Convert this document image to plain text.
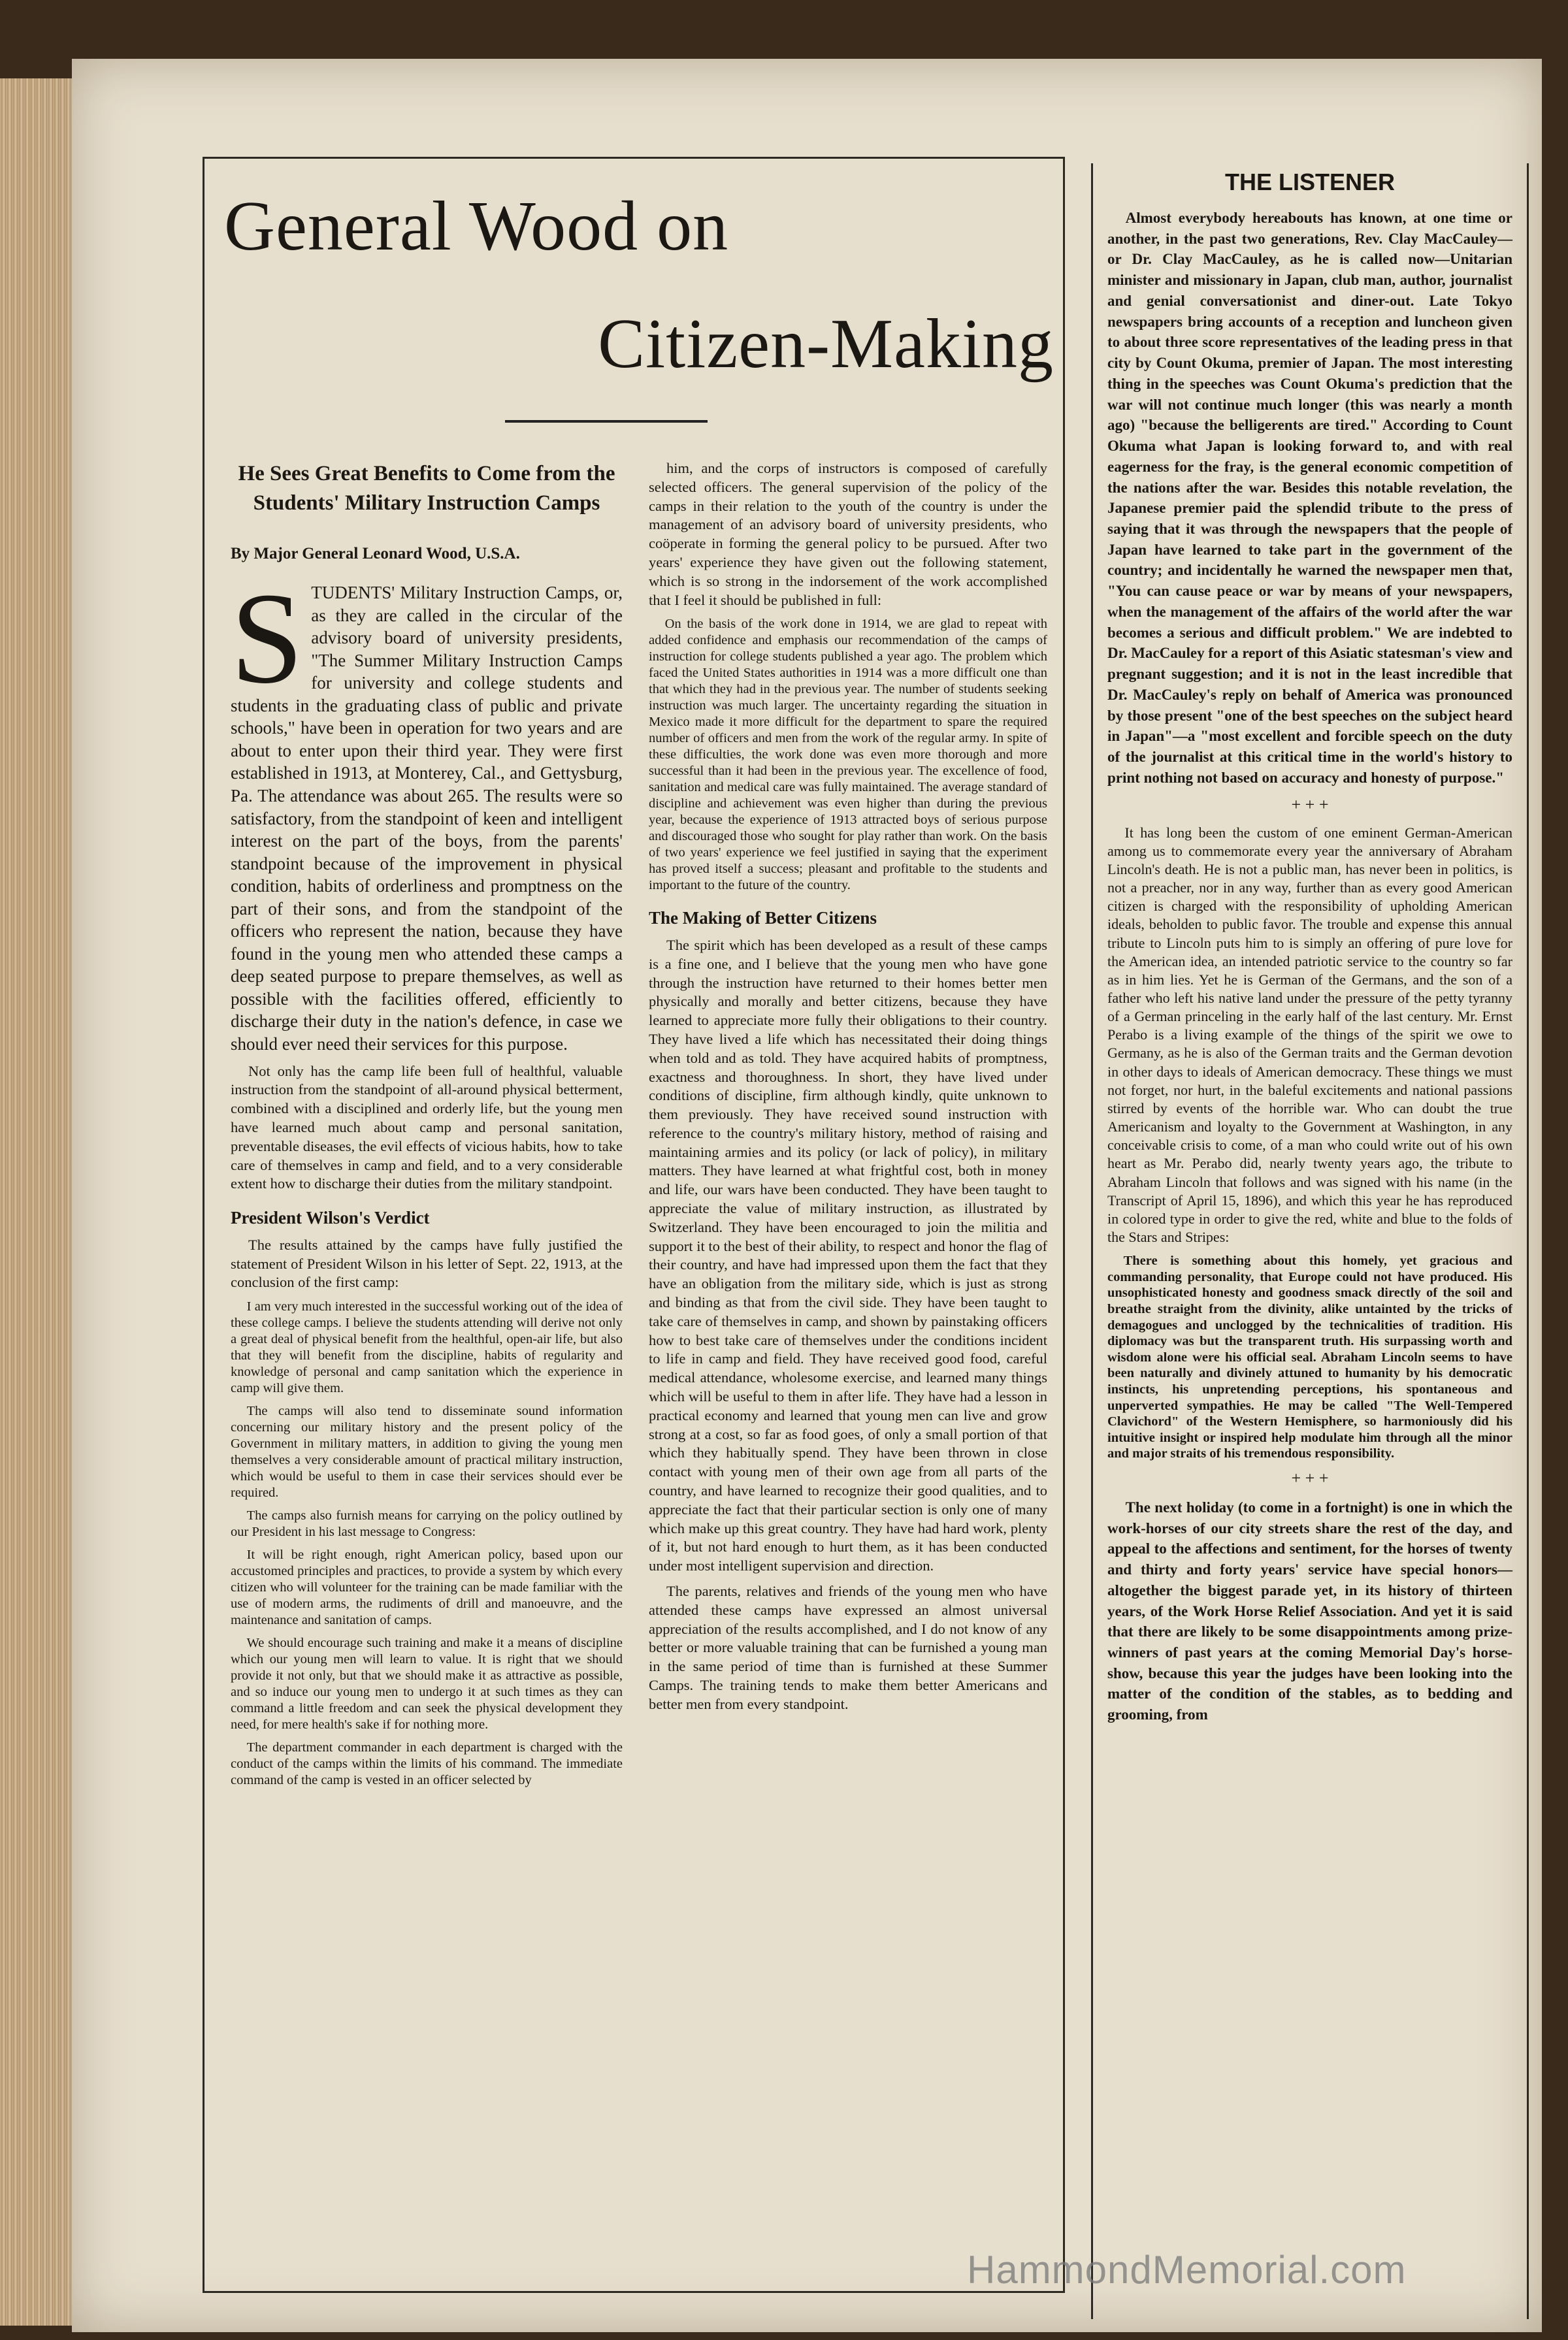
General Wood on
Citizen-Making
He Sees Great Benefits to Come from the Students' Military Instruction Camps
By Major General Leonard Wood, U.S.A.
S TUDENTS' Military Instruction Camps, or, as they are called in the circular of the advisory board of university presidents, "The Summer Military Instruction Camps for university and college students and students in the graduating class of public and private schools," have been in operation for two years and are about to enter upon their third year. They were first established in 1913, at Monterey, Cal., and Gettysburg, Pa. The attendance was about 265. The results were so satisfactory, from the standpoint of keen and intelligent interest on the part of the boys, from the parents' standpoint because of the improvement in physical condition, habits of orderliness and promptness on the part of their sons, and from the standpoint of the officers who represent the nation, because they have found in the young men who attended these camps a deep seated purpose to prepare themselves, as well as possible with the facilities offered, efficiently to discharge their duty in the nation's defence, in case we should ever need their services for this purpose.

Not only has the camp life been full of healthful, valuable instruction from the standpoint of all-around physical betterment, combined with a disciplined and orderly life, but the young men have learned much about camp and personal sanitation, preventable diseases, the evil effects of vicious habits, how to take care of themselves in camp and field, and to a very considerable extent how to discharge their duties from the military standpoint.

President Wilson's Verdict

The results attained by the camps have fully justified the statement of President Wilson in his letter of Sept. 22, 1913, at the conclusion of the first camp:

I am very much interested in the successful working out of the idea of these college camps. I believe the students attending will derive not only a great deal of physical benefit from the healthful, open-air life, but also that they will benefit from the discipline, habits of regularity and knowledge of personal and camp sanitation which the experience in camp will give them.

The camps will also tend to disseminate sound information concerning our military history and the present policy of the Government in military matters, in addition to giving the young men themselves a very considerable amount of practical military instruction, which would be useful to them in case their services should ever be required.

The camps also furnish means for carrying on the policy outlined by our President in his last message to Congress:

It will be right enough, right American policy, based upon our accustomed principles and practices, to provide a system by which every citizen who will volunteer for the training can be made familiar with the use of modern arms, the rudiments of drill and manoeuvre, and the maintenance and sanitation of camps.

We should encourage such training and make it a means of discipline which our young men will learn to value. It is right that we should provide it not only, but that we should make it as attractive as possible, and so induce our young men to undergo it at such times as they can command a little freedom and can seek the physical development they need, for mere health's sake if for nothing more.

The department commander in each department is charged with the conduct of the camps within the limits of his command. The immediate command of the camp is vested in an officer selected by

him, and the corps of instructors is composed of carefully selected officers. The general supervision of the policy of the camps in their relation to the youth of the country is under the management of an advisory board of university presidents, who coöperate in forming the general policy to be pursued. After two years' experience they have given out the following statement, which is so strong in the indorsement of the work accomplished that I feel it should be published in full:

On the basis of the work done in 1914, we are glad to repeat with added confidence and emphasis our recommendation of the camps of instruction for college students published a year ago. The problem which faced the United States authorities in 1914 was a more difficult one than that which they had in the previous year. The number of students seeking instruction was much larger. The uncertainty regarding the situation in Mexico made it more difficult for the department to spare the required number of officers and men from the work of the regular army. In spite of these difficulties, the work done was even more thorough and more successful than it had been in the previous year. The excellence of food, sanitation and medical care was fully maintained. The average standard of discipline and achievement was even higher than during the previous year, because the experience of 1913 attracted boys of serious purpose and discouraged those who sought for play rather than work. On the basis of two years' experience we feel justified in saying that the experiment has proved itself a success; pleasant and profitable to the students and important to the future of the country.

The Making of Better Citizens

The spirit which has been developed as a result of these camps is a fine one, and I believe that the young men who have gone through the instruction have returned to their homes better men physically and morally and better citizens, because they have learned to appreciate more fully their obligations to their country. They have lived a life which has necessitated their doing things when told and as told. They have acquired habits of promptness, exactness and thoroughness. In short, they have lived under conditions of discipline, firm although kindly, quite unknown to them previously. They have received sound instruction with reference to the country's military history, method of raising and maintaining armies and its policy (or lack of policy), in military matters. They have learned at what frightful cost, both in money and life, our wars have been conducted. They have been taught to appreciate the value of military instruction, as illustrated by Switzerland. They have been encouraged to join the militia and support it to the best of their ability, to respect and honor the flag of their country, and have had impressed upon them the fact that they have an obligation from the military side, which is just as strong and binding as that from the civil side. They have been taught to take care of themselves in camp, and shown by painstaking officers how to best take care of themselves under the conditions incident to life in camp and field. They have received good food, careful medical attendance, wholesome exercise, and learned many things which will be useful to them in after life. They have had a lesson in practical economy and learned that young men can live and grow strong at a cost, so far as food goes, of only a small portion of that which they habitually spend. They have been thrown in close contact with young men of their own age from all parts of the country, and have learned to recognize their good qualities, and to appreciate the fact that their particular section is only one of many which make up this great country. They have had hard work, plenty of it, but not hard enough to hurt them, as it has been conducted under most intelligent supervision and direction.

The parents, relatives and friends of the young men who have attended these camps have expressed an almost universal appreciation of the results accomplished, and I do not know of any better or more valuable training that can be furnished a young man in the same period of time than is furnished at these Summer Camps. The training tends to make them better Americans and better men from every standpoint.

THE LISTENER

Almost everybody hereabouts has known, at one time or another, in the past two generations, Rev. Clay MacCauley— or Dr. Clay MacCauley, as he is called now—Unitarian minister and missionary in Japan, club man, author, journalist and genial conversationist and diner-out. Late Tokyo newspapers bring accounts of a reception and luncheon given to about three score representatives of the leading press in that city by Count Okuma, premier of Japan. The most interesting thing in the speeches was Count Okuma's prediction that the war will not continue much longer (this was nearly a month ago) "because the belligerents are tired." According to Count Okuma what Japan is looking forward to, and with real eagerness for the fray, is the general economic competition of the nations after the war. Besides this notable revelation, the Japanese premier paid the splendid tribute to the press of saying that it was through the newspapers that the people of Japan have learned to take part in the government of the country; and incidentally he warned the newspaper men that, "You can cause peace or war by means of your newspapers, when the management of the affairs of the world after the war becomes a serious and difficult problem." We are indebted to Dr. MacCauley for a report of this Asiatic statesman's view and pregnant suggestion; and it is not in the least incredible that Dr. MacCauley's reply on behalf of America was pronounced by those present "one of the best speeches on the subject heard in Japan"—a "most excellent and forcible speech on the duty of the journalist at this critical time in the world's history to print nothing not based on accuracy and honesty of purpose."

+ + +

It has long been the custom of one eminent German-American among us to commemorate every year the anniversary of Abraham Lincoln's death. He is not a public man, has never been in politics, is not a preacher, nor in any way, further than as every good American citizen is charged with the responsibility of upholding American ideals, beholden to public favor. The trouble and expense this annual tribute to Lincoln puts him to is simply an offering of pure love for the American idea, an intended patriotic service to the country so far as in him lies. Yet he is German of the Germans, and the son of a father who left his native land under the pressure of the petty tyranny of a German princeling in the early half of the last century. Mr. Ernst Perabo is a living example of the things of the spirit we owe to Germany, as he is also of the German traits and the German devotion in other days to ideals of American democracy. These things we must not forget, nor hurt, in the baleful excitements and national passions stirred by events of the horrible war. Who can doubt the true Americanism and loyalty to the Government at Washington, in any conceivable crisis to come, of a man who could write out of his own heart as Mr. Perabo did, nearly twenty years ago, the tribute to Abraham Lincoln that follows and was signed with his name (in the Transcript of April 15, 1896), and which this year he has reproduced in colored type in order to give the red, white and blue to the folds of the Stars and Stripes:

There is something about this homely, yet gracious and commanding personality, that Europe could not have produced. His unsophisticated honesty and goodness smack directly of the soil and breathe straight from the divinity, alike untainted by the tricks of demagogues and unclogged by the technicalities of tradition. His diplomacy was but the transparent truth. His surpassing worth and wisdom alone were his official seal. Abraham Lincoln seems to have been naturally and divinely attuned to humanity by his democratic instincts, his unpretending perceptions, his spontaneous and unperverted sympathies. He may be called "The Well-Tempered Clavichord" of the Western Hemisphere, so harmoniously did his intuitive insight or inspired help modulate him through all the minor and major straits of his tremendous responsibility.

+ + +

The next holiday (to come in a fortnight) is one in which the work-horses of our city streets share the rest of the day, and appeal to the affections and sentiment, for the horses of twenty and thirty and forty years' service have special honors—altogether the biggest parade yet, in its history of thirteen years, of the Work Horse Relief Association. And yet it is said that there are likely to be some disappointments among prize-winners of past years at the coming Memorial Day's horse-show, because this year the judges have been looking into the matter of the condition of the stables, as to bedding and grooming, from

HammondMemorial.com
